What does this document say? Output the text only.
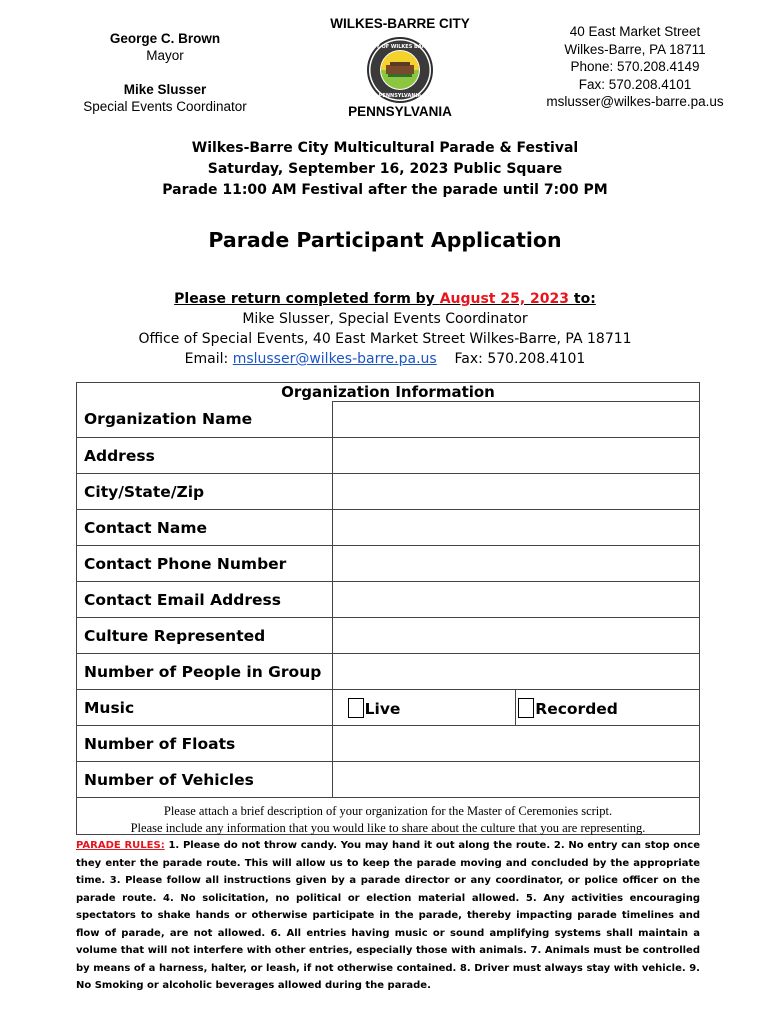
George C. Brown
Mayor
Mike Slusser
Special Events Coordinator
WILKES-BARRE CITY
CITY OF WILKES BARRE
PENNSYLVANIA
PENNSYLVANIA
40 East Market Street
Wilkes-Barre, PA 18711
Phone: 570.208.4149
Fax: 570.208.4101
mslusser@wilkes-barre.pa.us
Wilkes-Barre City Multicultural Parade & Festival
Saturday, September 16, 2023 Public Square
Parade 11:00 AM Festival after the parade until 7:00 PM
Parade Participant Application
Please return completed form by August 25, 2023 to:
Mike Slusser, Special Events Coordinator
Office of Special Events, 40 East Market Street Wilkes-Barre, PA 18711
Email: mslusser@wilkes-barre.pa.us Fax: 570.208.4101
Organization Information		
Organization Name		

Address		

City/State/Zip		

Contact Name		

Contact Phone Number		

Contact Email Address		

Culture Represented		

Number of People in Group		

Music	Live	Recorded
Number of Floats		

Number of Vehicles		
Please attach a brief description of your organization for the Master of Ceremonies script.
Please include any information that you would like to share about the culture that you are representing.
PARADE RULES: 1. Please do not throw candy. You may hand it out along the route. 2. No entry can stop once they enter the parade route. This will allow us to keep the parade moving and concluded by the appropriate time. 3. Please follow all instructions given by a parade director or any coordinator, or police officer on the parade route. 4. No solicitation, no political or election material allowed. 5. Any activities encouraging spectators to shake hands or otherwise participate in the parade, thereby impacting parade timelines and flow of parade, are not allowed. 6. All entries having music or sound amplifying systems shall maintain a volume that will not interfere with other entries, especially those with animals. 7. Animals must be controlled by means of a harness, halter, or leash, if not otherwise contained. 8. Driver must always stay with vehicle. 9. No Smoking or alcoholic beverages allowed during the parade.
